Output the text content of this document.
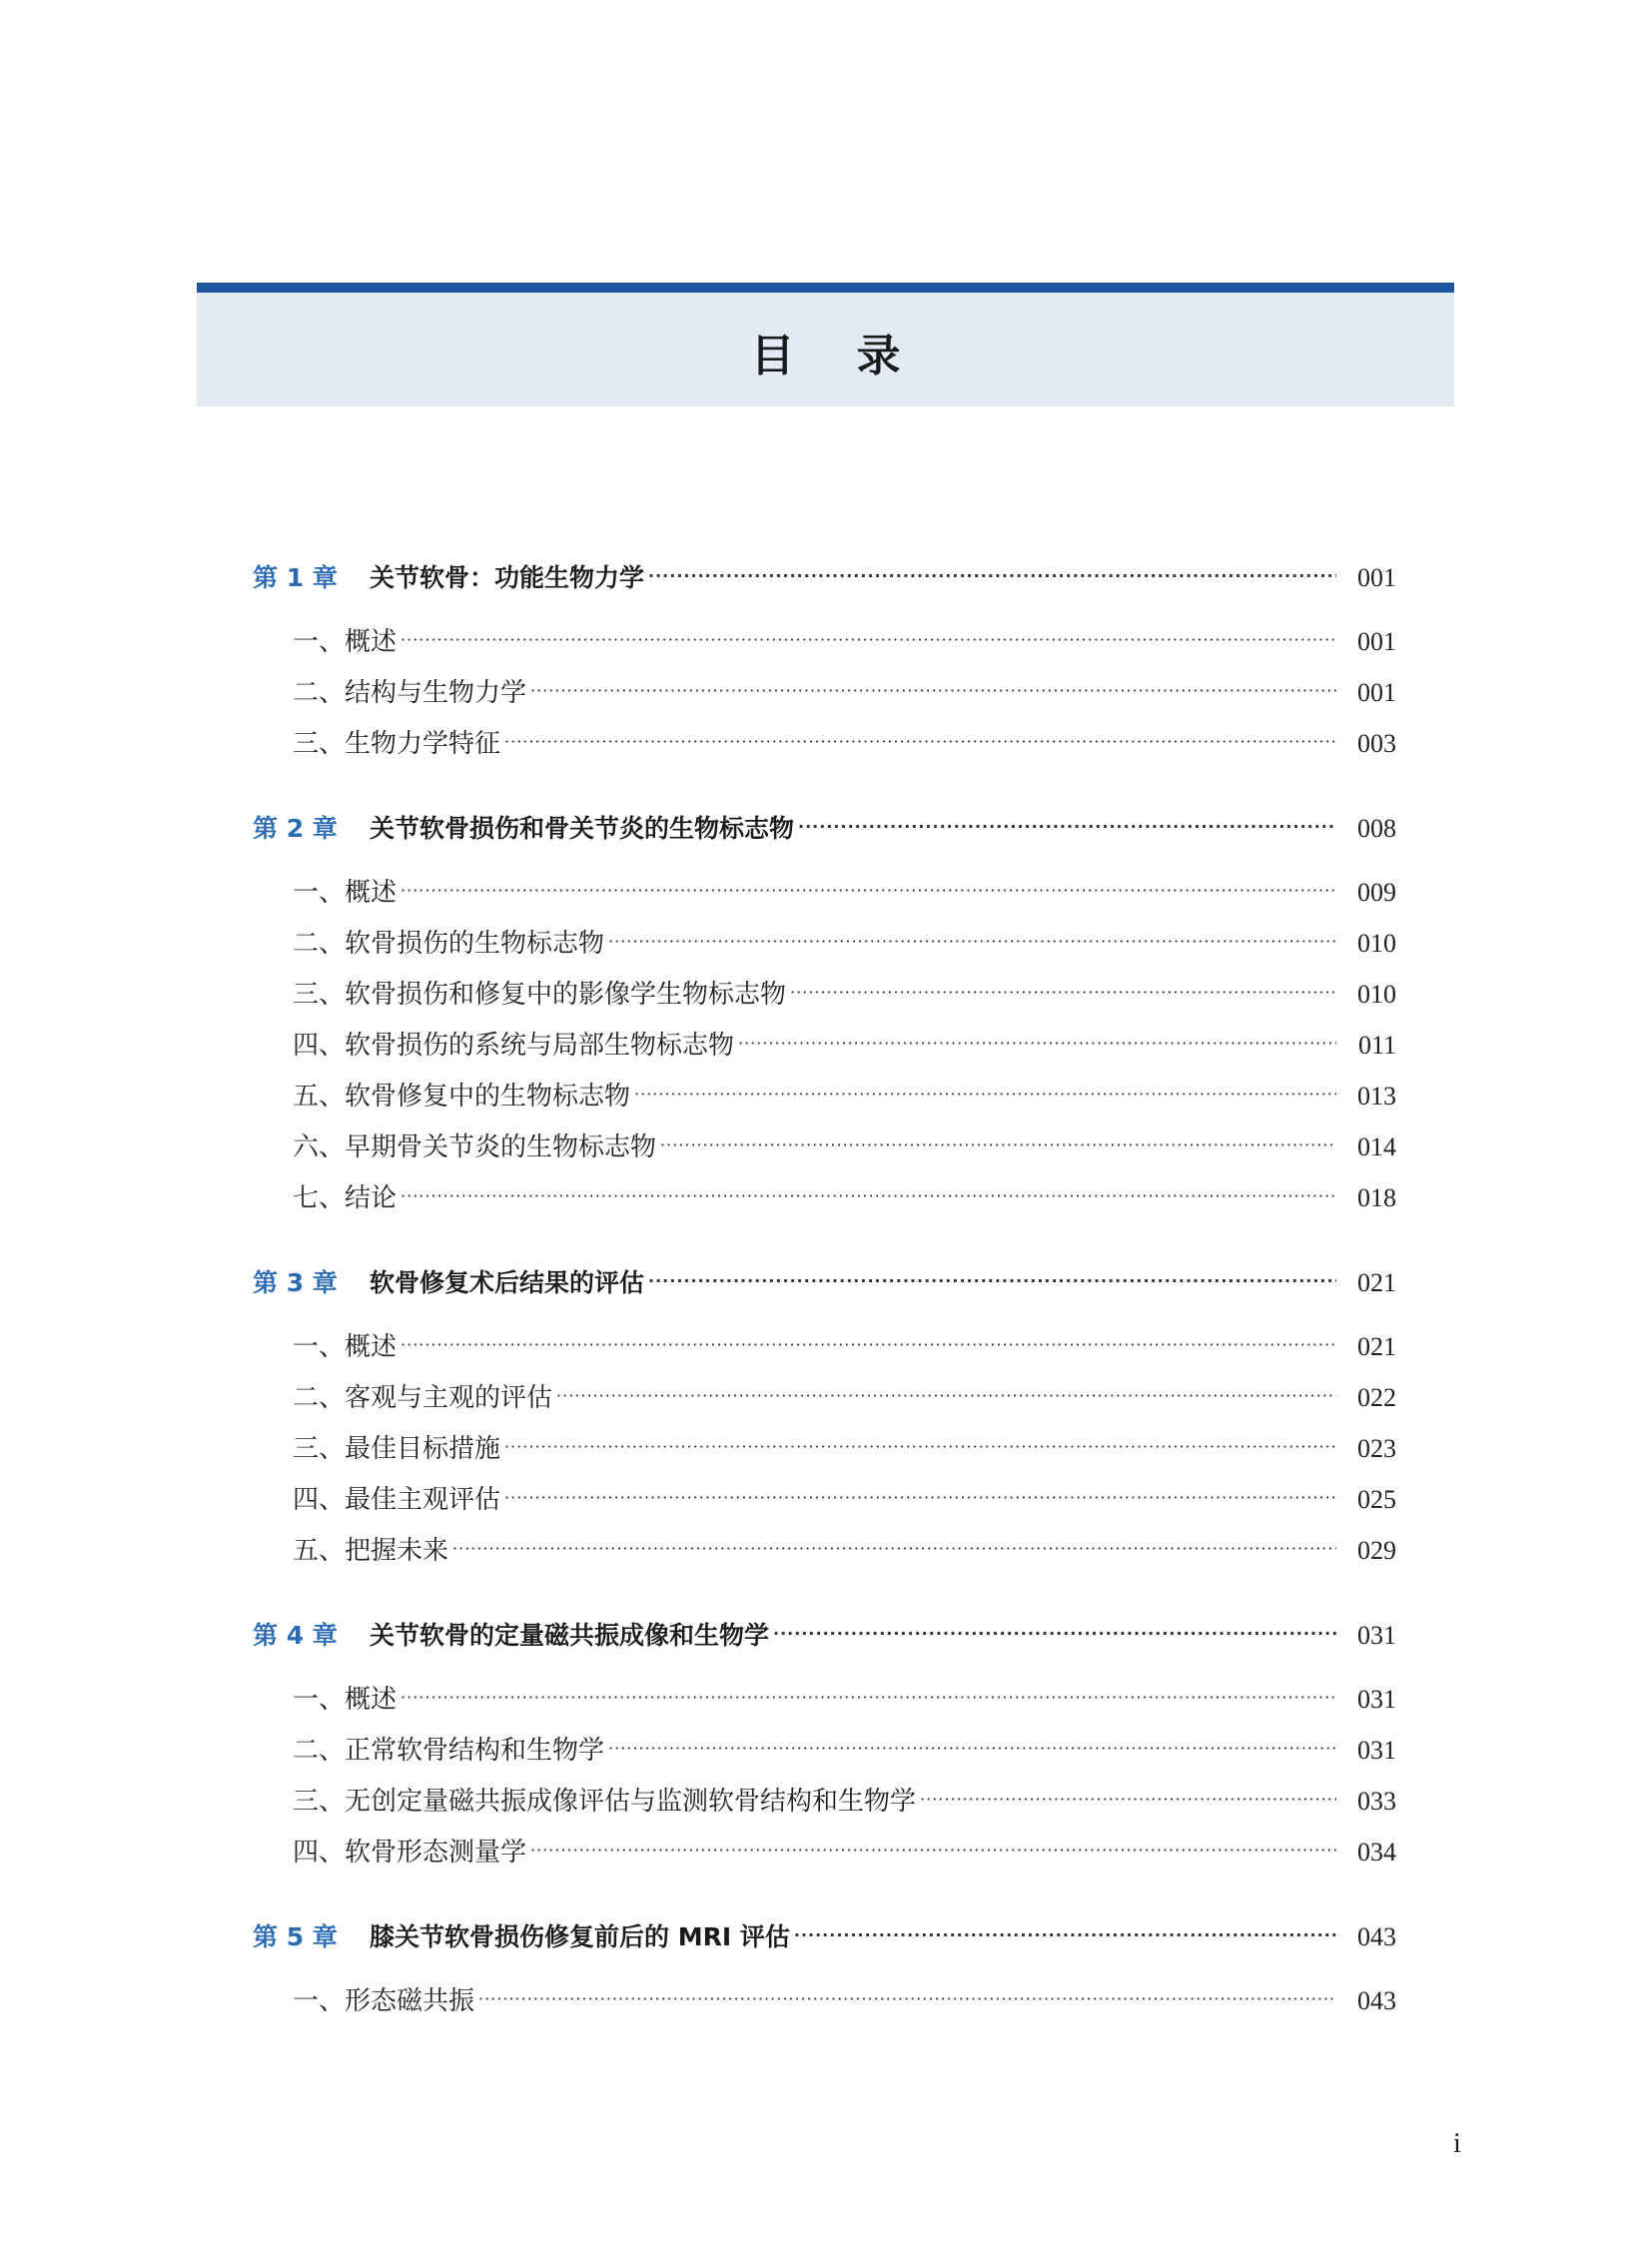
目 录
第 1 章	关节软骨：功能生物力学 ·····	001
一、概述 ·····	001
二、结构与生物力学 ·····	001
三、生物力学特征 ·····	003
第 2 章	关节软骨损伤和骨关节炎的生物标志物 ·····	008
一、概述 ·····	009
二、软骨损伤的生物标志物 ·····	010
三、软骨损伤和修复中的影像学生物标志物 ·····	010
四、软骨损伤的系统与局部生物标志物 ·····	011
五、软骨修复中的生物标志物 ·····	013
六、早期骨关节炎的生物标志物 ·····	014
七、结论 ·····	018
第 3 章	软骨修复术后结果的评估 ·····	021
一、概述 ·····	021
二、客观与主观的评估 ·····	022
三、最佳目标措施 ·····	023
四、最佳主观评估 ·····	025
五、把握未来 ·····	029
第 4 章	关节软骨的定量磁共振成像和生物学 ·····	031
一、概述 ·····	031
二、正常软骨结构和生物学 ·····	031
三、无创定量磁共振成像评估与监测软骨结构和生物学 ·····	033
四、软骨形态测量学 ·····	034
第 5 章	膝关节软骨损伤修复前后的 MRI 评估 ·····	043
一、形态磁共振 ·····	043
i
